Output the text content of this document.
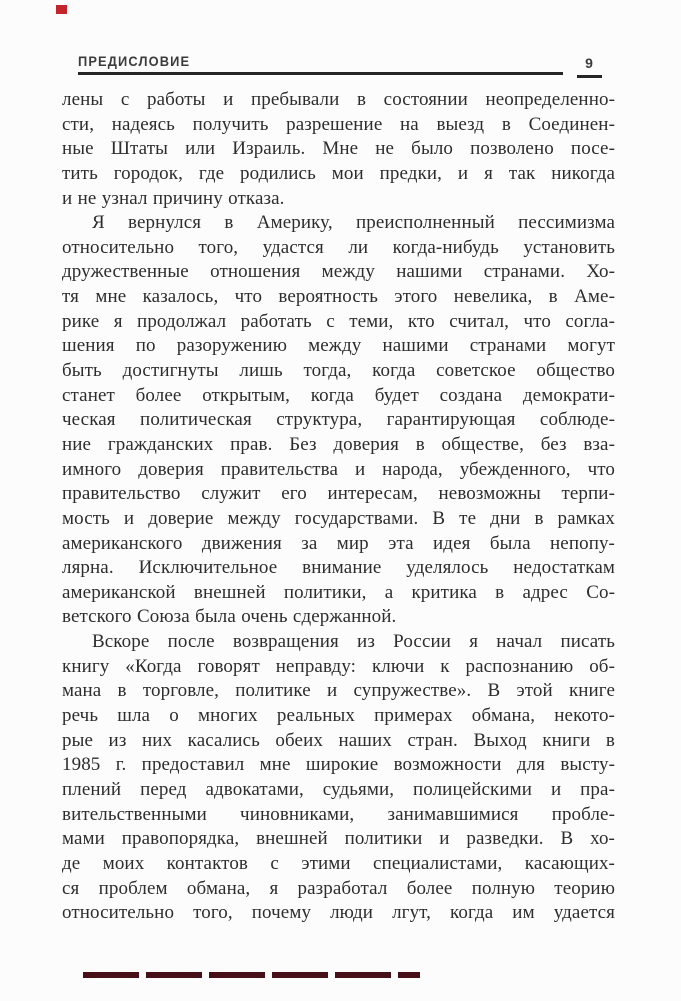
ПРЕДИСЛОВИЕ	9
лены с работы и пребывали в состоянии неопределенно-
сти, надеясь получить разрешение на выезд в Соединен-
ные Штаты или Израиль. Мне не было позволено посе-
тить городок, где родились мои предки, и я так никогда
и не узнал причину отказа.
Я вернулся в Америку, преисполненный пессимизма
относительно того, удастся ли когда-нибудь установить
дружественные отношения между нашими странами. Хо-
тя мне казалось, что вероятность этого невелика, в Аме-
рике я продолжал работать с теми, кто считал, что согла-
шения по разоружению между нашими странами могут
быть достигнуты лишь тогда, когда советское общество
станет более открытым, когда будет создана демократи-
ческая политическая структура, гарантирующая соблюде-
ние гражданских прав. Без доверия в обществе, без вза-
имного доверия правительства и народа, убежденного, что
правительство служит его интересам, невозможны терпи-
мость и доверие между государствами. В те дни в рамках
американского движения за мир эта идея была непопу-
лярна. Исключительное внимание уделялось недостаткам
американской внешней политики, а критика в адрес Со-
ветского Союза была очень сдержанной.
Вскоре после возвращения из России я начал писать
книгу «Когда говорят неправду: ключи к распознанию об-
мана в торговле, политике и супружестве». В этой книге
речь шла о многих реальных примерах обмана, некото-
рые из них касались обеих наших стран. Выход книги в
1985 г. предоставил мне широкие возможности для высту-
плений перед адвокатами, судьями, полицейскими и пра-
вительственными чиновниками, занимавшимися пробле-
мами правопорядка, внешней политики и разведки. В хо-
де моих контактов с этими специалистами, касающих-
ся проблем обмана, я разработал более полную теорию
относительно того, почему люди лгут, когда им удается
